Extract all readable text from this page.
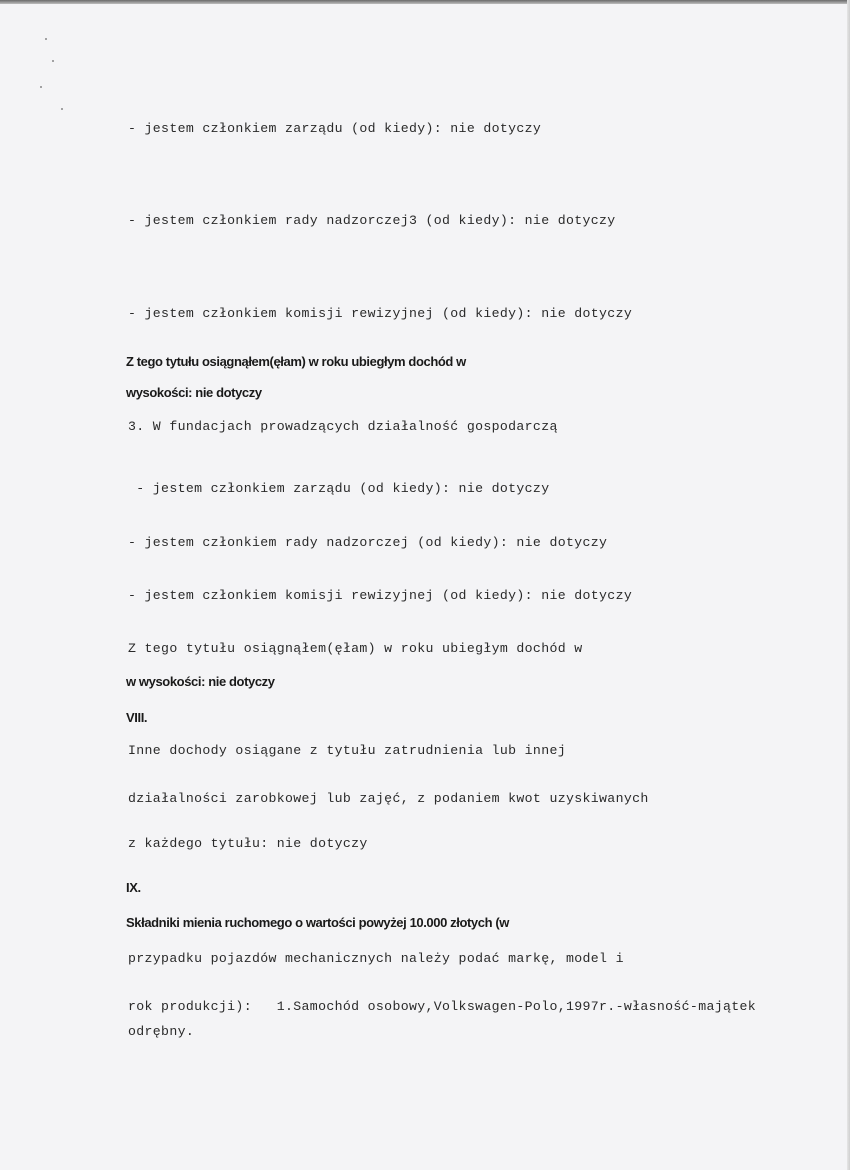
- jestem członkiem zarządu (od kiedy): nie dotyczy
- jestem członkiem rady nadzorczej3 (od kiedy): nie dotyczy
- jestem członkiem komisji rewizyjnej (od kiedy): nie dotyczy
Z tego tytułu osiągnąłem(ęłam) w roku ubiegłym dochód w
wysokości: nie dotyczy
3. W fundacjach prowadzących działalność gospodarczą
- jestem członkiem zarządu (od kiedy): nie dotyczy
- jestem członkiem rady nadzorczej (od kiedy): nie dotyczy
- jestem członkiem komisji rewizyjnej (od kiedy): nie dotyczy
Z tego tytułu osiągnąłem(ęłam) w roku ubiegłym dochód w
w wysokości: nie dotyczy
VIII.
Inne dochody osiągane z tytułu zatrudnienia lub innej
działalności zarobkowej lub zajęć, z podaniem kwot uzyskiwanych
z każdego tytułu: nie dotyczy
IX.
Składniki mienia ruchomego o wartości powyżej 10.000 złotych (w
przypadku pojazdów mechanicznych należy podać markę, model i
rok produkcji):   1.Samochód osobowy,Volkswagen-Polo,1997r.-własność-majątek
odrębny.
